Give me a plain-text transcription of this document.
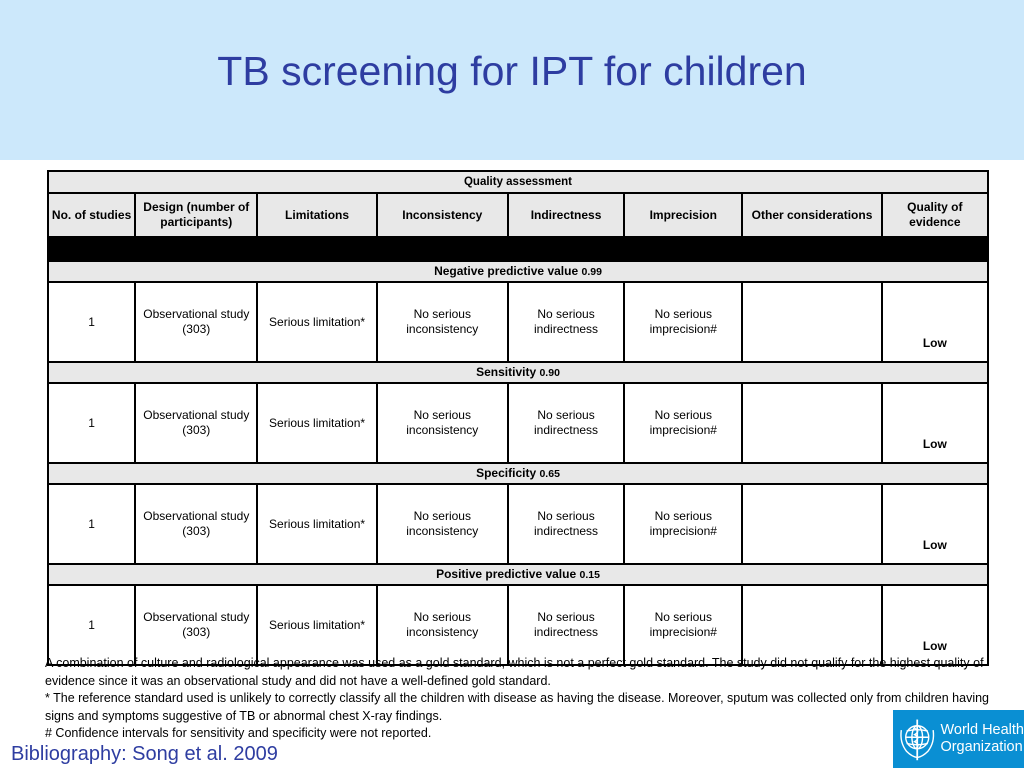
TB screening for IPT for children
Quality assessment							
No. of studies	Design (number of participants)	Limitations	Inconsistency	Indirectness	Imprecision	Other considerations	Quality of evidence

Negative predictive value 0.99							
1	Observational study (303)	Serious limitation*	No serious inconsistency	No serious indirectness	No serious imprecision#		Low
Sensitivity 0.90							
1	Observational study (303)	Serious limitation*	No serious inconsistency	No serious indirectness	No serious imprecision#		Low
Specificity 0.65							
1	Observational study (303)	Serious limitation*	No serious inconsistency	No serious indirectness	No serious imprecision#		Low
Positive predictive value 0.15							
1	Observational study (303)	Serious limitation*	No serious inconsistency	No serious indirectness	No serious imprecision#		Low

A combination of culture and radiological appearance was used as a gold standard, which is not a perfect gold standard. The study did not qualify for the highest quality of evidence since it was an observational study and did not have a well-defined gold standard.

* The reference standard used is unlikely to correctly classify all the children with disease as having the disease. Moreover, sputum was collected only from children having signs and symptoms suggestive of TB or abnormal chest X-ray findings.

# Confidence intervals for sensitivity and specificity were not reported.

Bibliography: Song et al. 2009
World Health
Organization
